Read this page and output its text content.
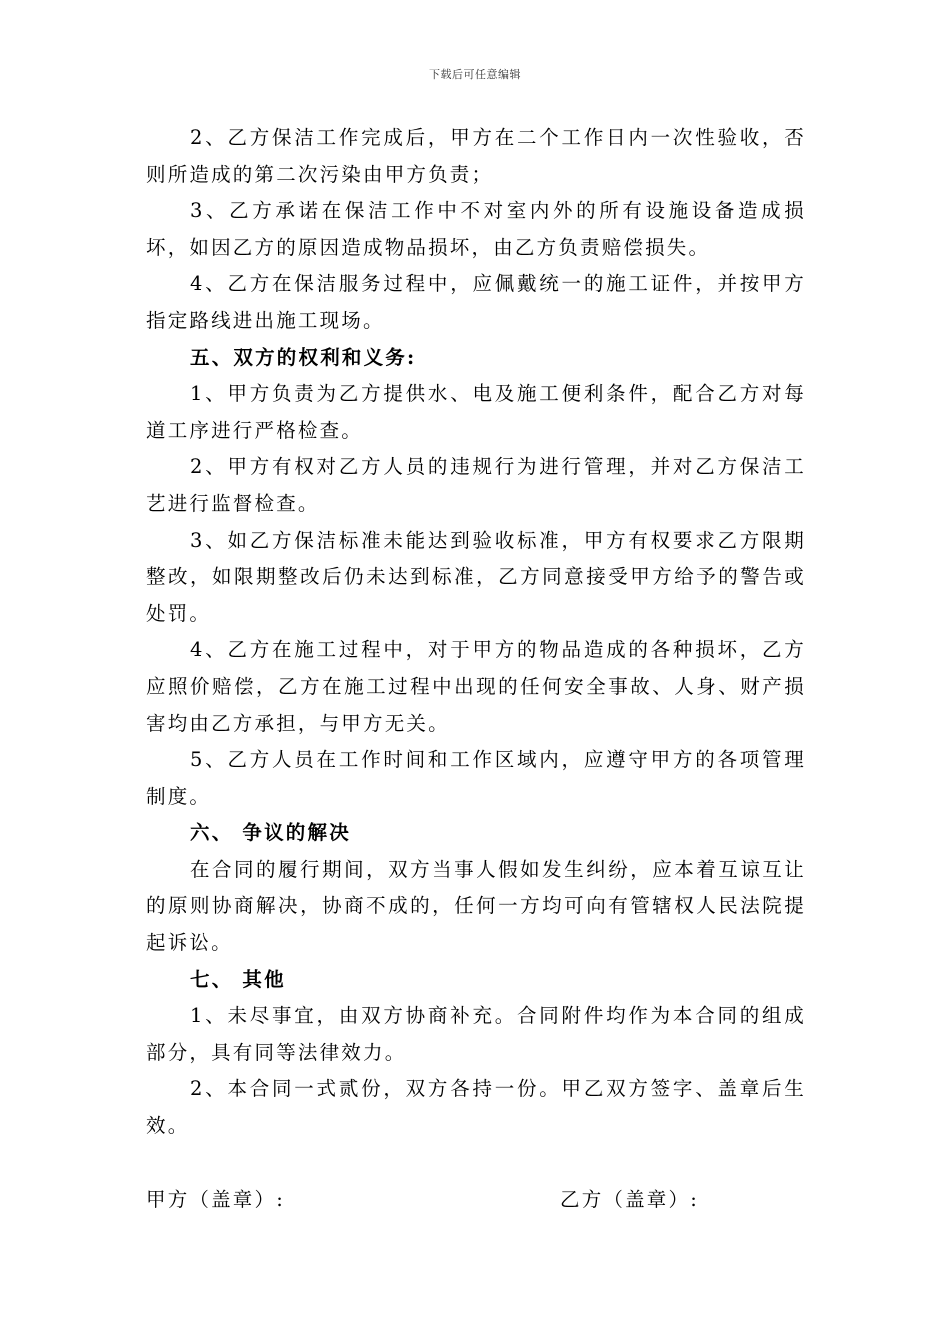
下载后可任意编辑

2、乙方保洁工作完成后，甲方在二个工作日内一次性验收，否则所造成的第二次污染由甲方负责；

3、乙方承诺在保洁工作中不对室内外的所有设施设备造成损坏，如因乙方的原因造成物品损坏，由乙方负责赔偿损失。

4、乙方在保洁服务过程中，应佩戴统一的施工证件，并按甲方指定路线进出施工现场。

五、双方的权利和义务:

1、甲方负责为乙方提供水、电及施工便利条件，配合乙方对每道工序进行严格检查。

2、甲方有权对乙方人员的违规行为进行管理，并对乙方保洁工艺进行监督检查。

3、如乙方保洁标准未能达到验收标准，甲方有权要求乙方限期整改，如限期整改后仍未达到标准，乙方同意接受甲方给予的警告或处罚。

4、乙方在施工过程中，对于甲方的物品造成的各种损坏，乙方应照价赔偿，乙方在施工过程中出现的任何安全事故、人身、财产损害均由乙方承担，与甲方无关。

5、乙方人员在工作时间和工作区域内，应遵守甲方的各项管理制度。

六、 争议的解决

在合同的履行期间，双方当事人假如发生纠纷，应本着互谅互让的原则协商解决，协商不成的，任何一方均可向有管辖权人民法院提起诉讼。

七、 其他

1、未尽事宜，由双方协商补充。合同附件均作为本合同的组成部分，具有同等法律效力。

2、本合同一式贰份，双方各持一份。甲乙双方签字、盖章后生效。

甲方（盖章）:	乙方（盖章）:
